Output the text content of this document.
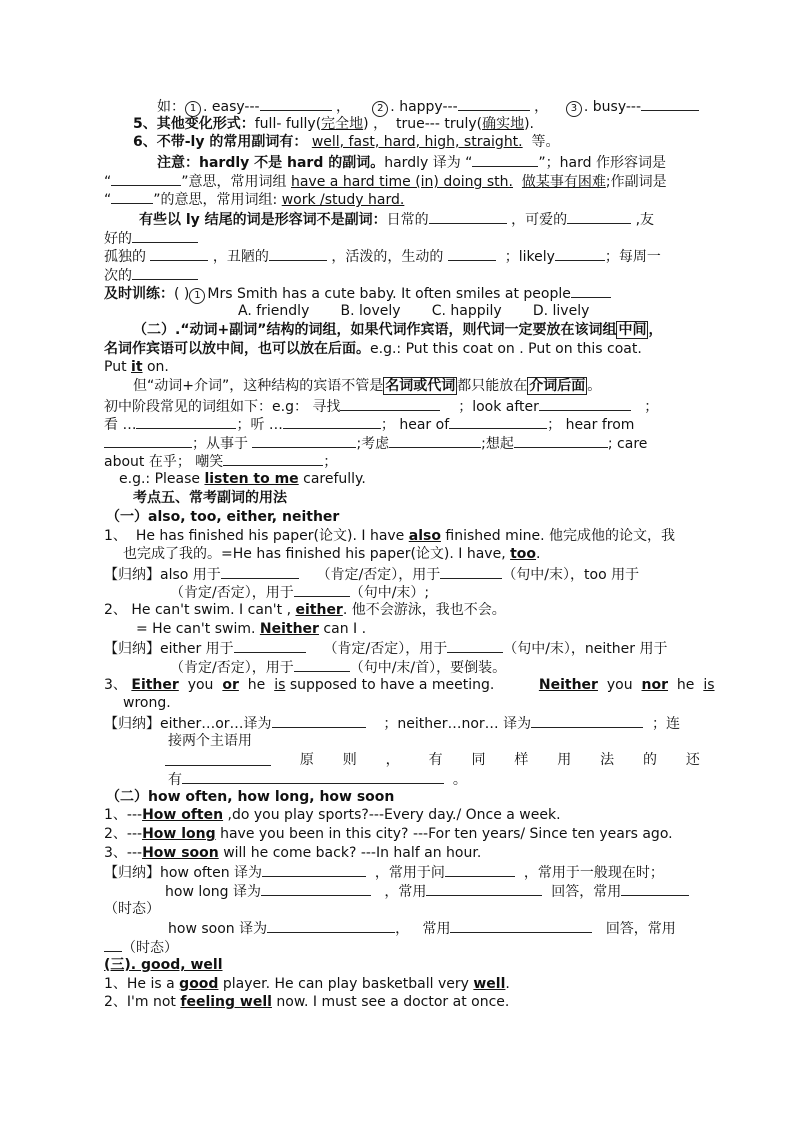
如： 1 . easy---	，     2 . happy---	，    3 . busy---
5、其他变化形式：full- fully(完全地) ， true--- truly(确实地).
6、不带-ly 的常用副词有： well, fast, hard, high, straight. 等。
注意：hardly 不是 hard 的副词。hardly 译为 “	”；hard 作形容词是
“	”意思，常用词组 have a hard time (in) doing sth. 做某事有困难;作副词是
“	”的意思，常用词组: work /study hard.
有些以 ly 结尾的词是形容词不是副词：日常的	，可爱的	,友
好的
孤独的	，丑陋的	，活泼的，生动的	；likely	；每周一
次的
及时训练：( ) 1 Mrs Smith has a cute baby. It often smiles at people
A. friendly B. lovely C. happily D. lively
（二）.“动词+副词”结构的词组，如果代词作宾语，则代词一定要放在该词组 中间 ，
名词作宾语可以放中间，也可以放在后面。e.g.: Put this coat on . Put on this coat.
Put it on.
但“动词+介词”，这种结构的宾语不管是 名词或代词 都只能放在 介词后面 。
初中阶段常见的词组如下：e.g： 寻找	；look after	；
看 …	；听 …	； hear of	； hear from
；从事于	;考虑	;想起	; care
about 在乎； 嘲笑	；
e.g.: Please listen to me carefully.
考点五、常考副词的用法
（一）also, too, either, neither
1、 He has finished his paper(论文). I have also finished mine. 他完成他的论文，我
也完成了我的。=He has finished his paper(论文). I have, too.
【归纳】also 用于	（肯定/否定），用于	（句中/末），too 用于
（肯定/否定），用于	（句中/末）;
2、 He can't swim. I can't , either. 他不会游泳，我也不会。
= He can't swim. Neither can I .
【归纳】either 用于	（肯定/否定），用于	（句中/末），neither 用于
（肯定/否定），用于	（句中/末/首），要倒装。
3、 Either you or he is supposed to have a meeting.	Neither you nor he is
wrong.
【归纳】either…or…译为	；neither…nor… 译为	；连
接两个主语用
原 则 ， 有 同 样 用 法 的 还
有	。
（二）how often, how long, how soon
1、---How often ,do you play sports?---Every day./ Once a week.
2、---How long have you been in this city? ---For ten years/ Since ten years ago.
3、---How soon will he come back? ---In half an hour.
【归纳】how often 译为	，常用于问	，常用于一般现在时；
how long 译为	，常用	回答，常用
（时态）
how soon 译为	， 常用	回答，常用
（时态）
(三). good, well
1、He is a good player. He can play basketball very well.
2、I'm not feeling well now. I must see a doctor at once.
